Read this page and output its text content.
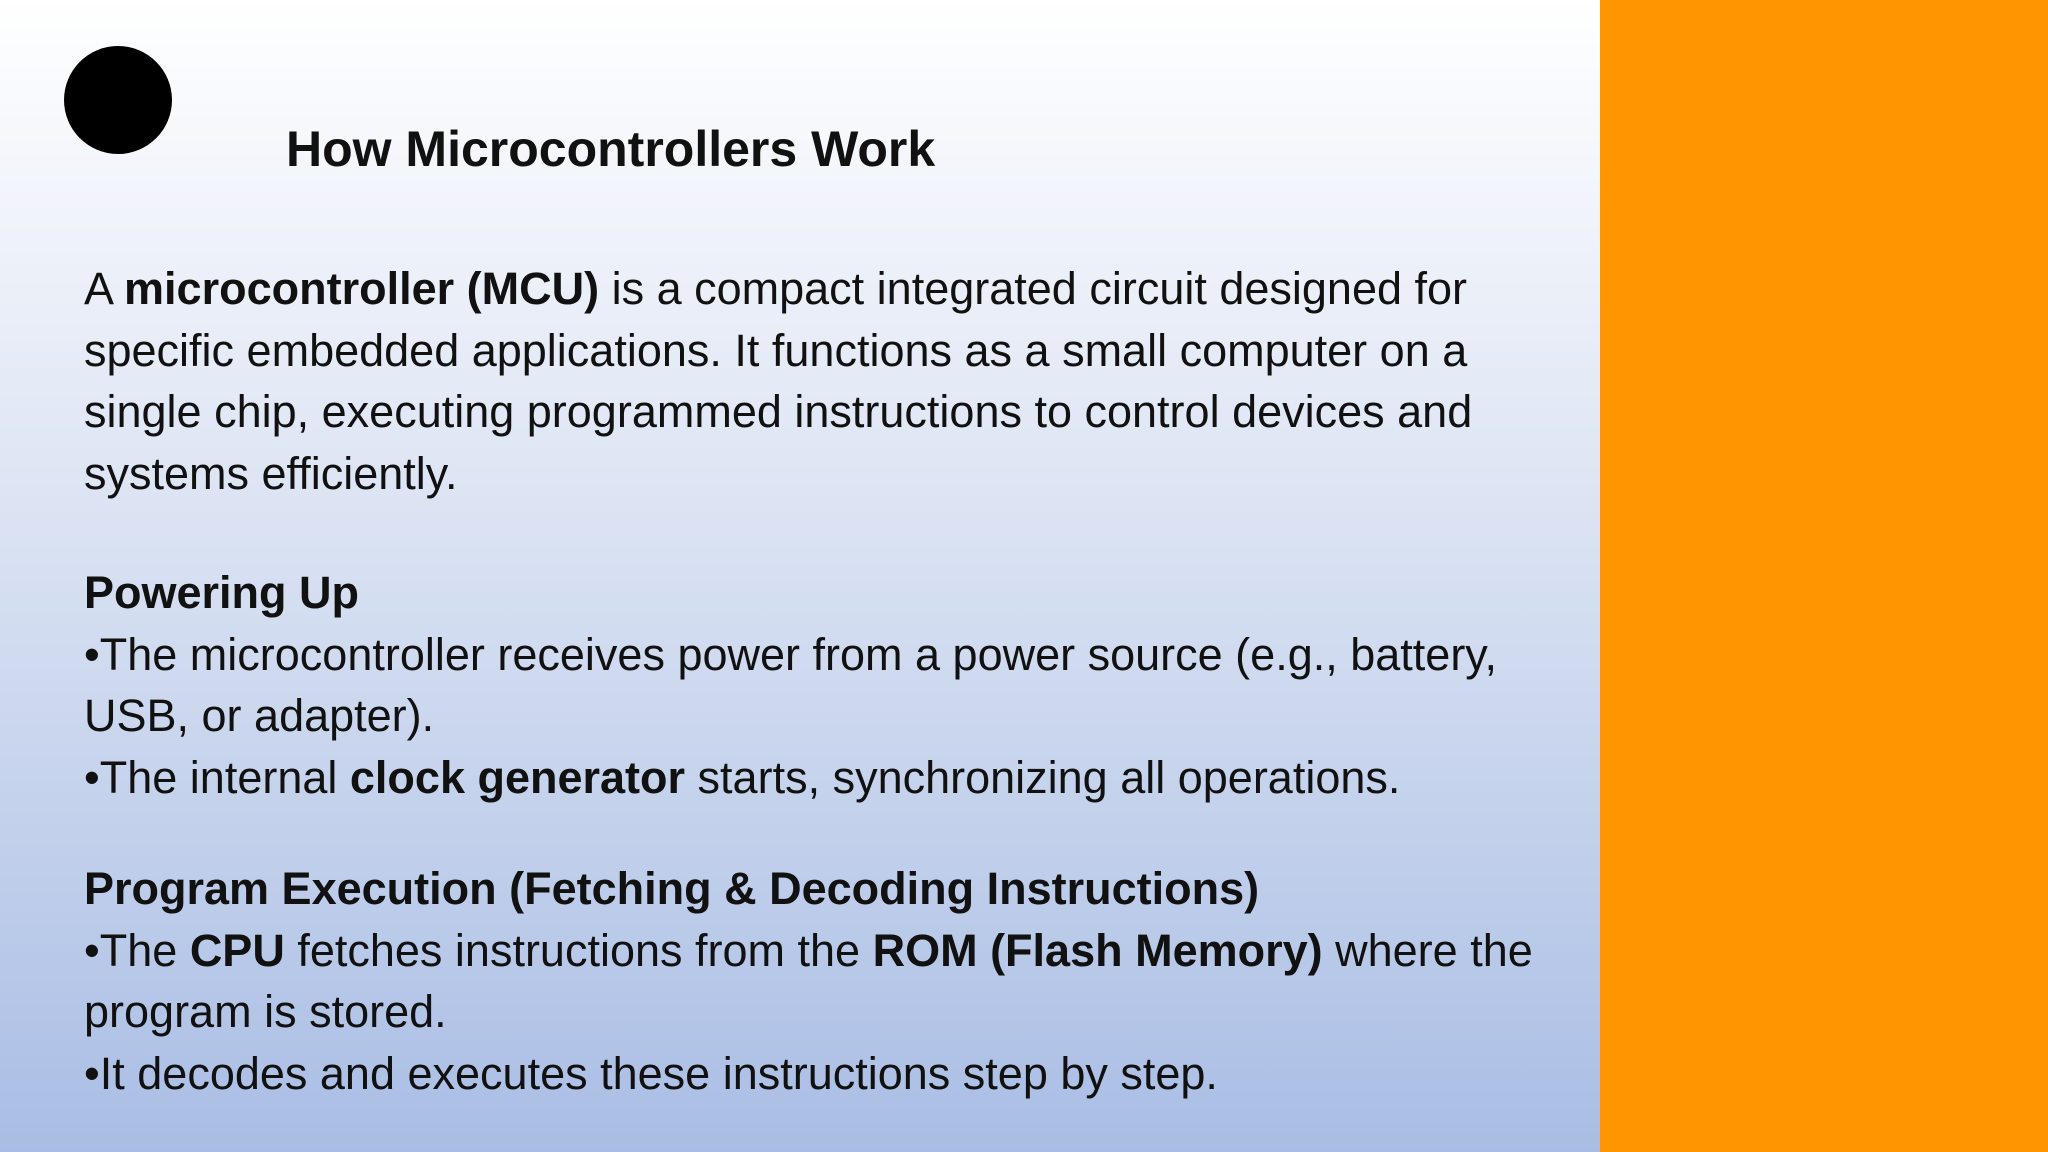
How Microcontrollers Work

A microcontroller (MCU) is a compact integrated circuit designed for specific embedded applications. It functions as a small computer on a single chip, executing programmed instructions to control devices and systems efficiently.

Powering Up

•The microcontroller receives power from a power source (e.g., battery, USB, or adapter).

•The internal clock generator starts, synchronizing all operations.

Program Execution (Fetching & Decoding Instructions)

•The CPU fetches instructions from the ROM (Flash Memory) where the program is stored.

•It decodes and executes these instructions step by step.
